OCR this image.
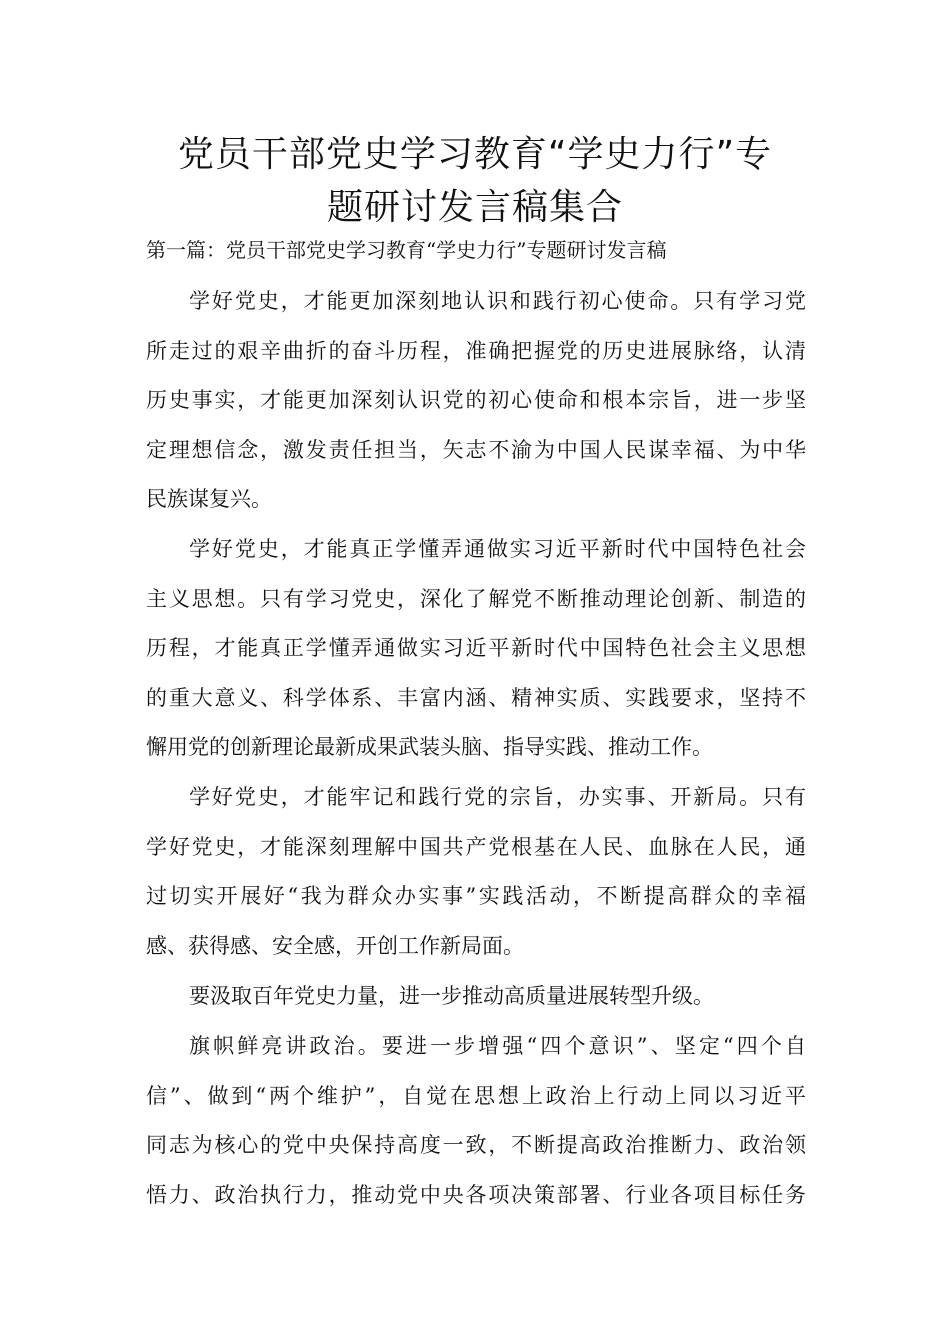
党员干部党史学习教育“学史力行”专
题研讨发言稿集合
第一篇：党员干部党史学习教育“学史力行”专题研讨发言稿
学好党史，才能更加深刻地认识和践行初心使命。只有学习党
所走过的艰辛曲折的奋斗历程，准确把握党的历史进展脉络，认清
历史事实，才能更加深刻认识党的初心使命和根本宗旨，进一步坚
定理想信念，激发责任担当，矢志不渝为中国人民谋幸福、为中华
民族谋复兴。
学好党史，才能真正学懂弄通做实习近平新时代中国特色社会
主义思想。只有学习党史，深化了解党不断推动理论创新、制造的
历程，才能真正学懂弄通做实习近平新时代中国特色社会主义思想
的重大意义、科学体系、丰富内涵、精神实质、实践要求，坚持不
懈用党的创新理论最新成果武装头脑、指导实践、推动工作。
学好党史，才能牢记和践行党的宗旨，办实事、开新局。只有
学好党史，才能深刻理解中国共产党根基在人民、血脉在人民，通
过切实开展好“我为群众办实事”实践活动，不断提高群众的幸福
感、获得感、安全感，开创工作新局面。
要汲取百年党史力量，进一步推动高质量进展转型升级。
旗帜鲜亮讲政治。要进一步增强“四个意识”、坚定“四个自
信”、做到“两个维护”，自觉在思想上政治上行动上同以习近平
同志为核心的党中央保持高度一致，不断提高政治推断力、政治领
悟力、政治执行力，推动党中央各项决策部署、行业各项目标任务
